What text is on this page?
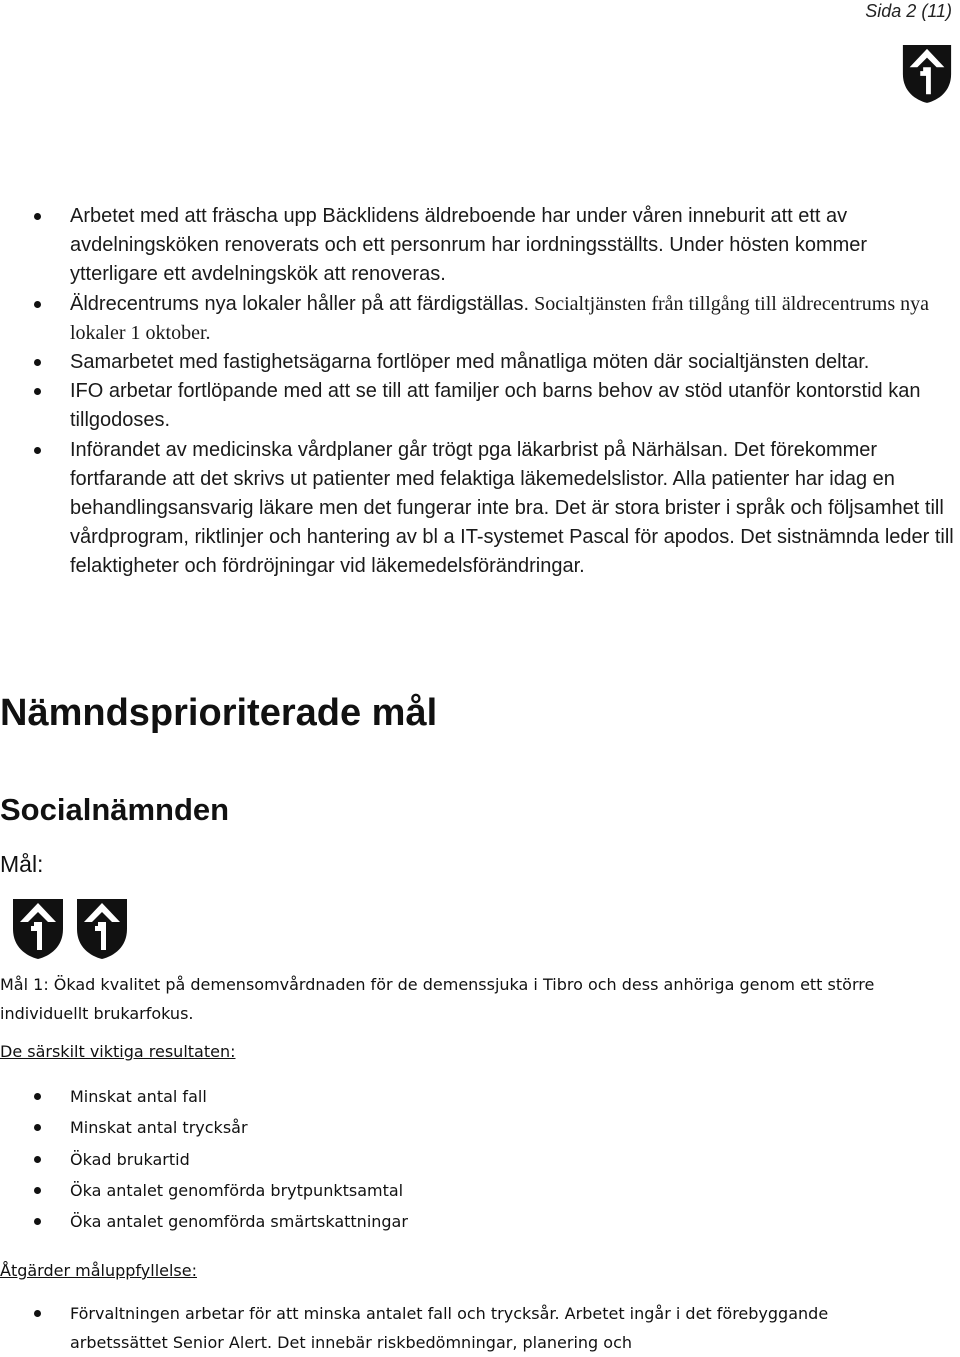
Sida 2 (11)
Arbetet med att fräscha upp Bäcklidens äldreboende har under våren inneburit att ett av avdelningsköken renoverats och ett personrum har iordningsställts. Under hösten kommer ytterligare ett avdelningskök att renoveras.
Äldrecentrums nya lokaler håller på att färdigställas. Socialtjänsten från tillgång till äldrecentrums nya lokaler 1 oktober.
Samarbetet med fastighetsägarna fortlöper med månatliga möten där socialtjänsten deltar.
IFO arbetar fortlöpande med att se till att familjer och barns behov av stöd utanför kontorstid kan tillgodoses.
Införandet av medicinska vårdplaner går trögt pga läkarbrist på Närhälsan. Det förekommer fortfarande att det skrivs ut patienter med felaktiga läkemedelslistor. Alla patienter har idag en behandlingsansvarig läkare men det fungerar inte bra. Det är stora brister i språk och följsamhet till vårdprogram, riktlinjer och hantering av bl a IT-systemet Pascal för apodos. Det sistnämnda leder till felaktigheter och fördröjningar vid läkemedelsförändringar.
Nämndsprioriterade mål
Socialnämnden
Mål:
Mål 1: Ökad kvalitet på demensomvårdnaden för de demenssjuka i Tibro och dess anhöriga genom ett större individuellt brukarfokus.
De särskilt viktiga resultaten:
Minskat antal fall
Minskat antal trycksår
Ökad brukartid
Öka antalet genomförda brytpunktsamtal
Öka antalet genomförda smärtskattningar
Åtgärder måluppfyllelse:
Förvaltningen arbetar för att minska antalet fall och trycksår. Arbetet ingår i det förebyggande arbetssättet Senior Alert. Det innebär riskbedömningar, planering och
